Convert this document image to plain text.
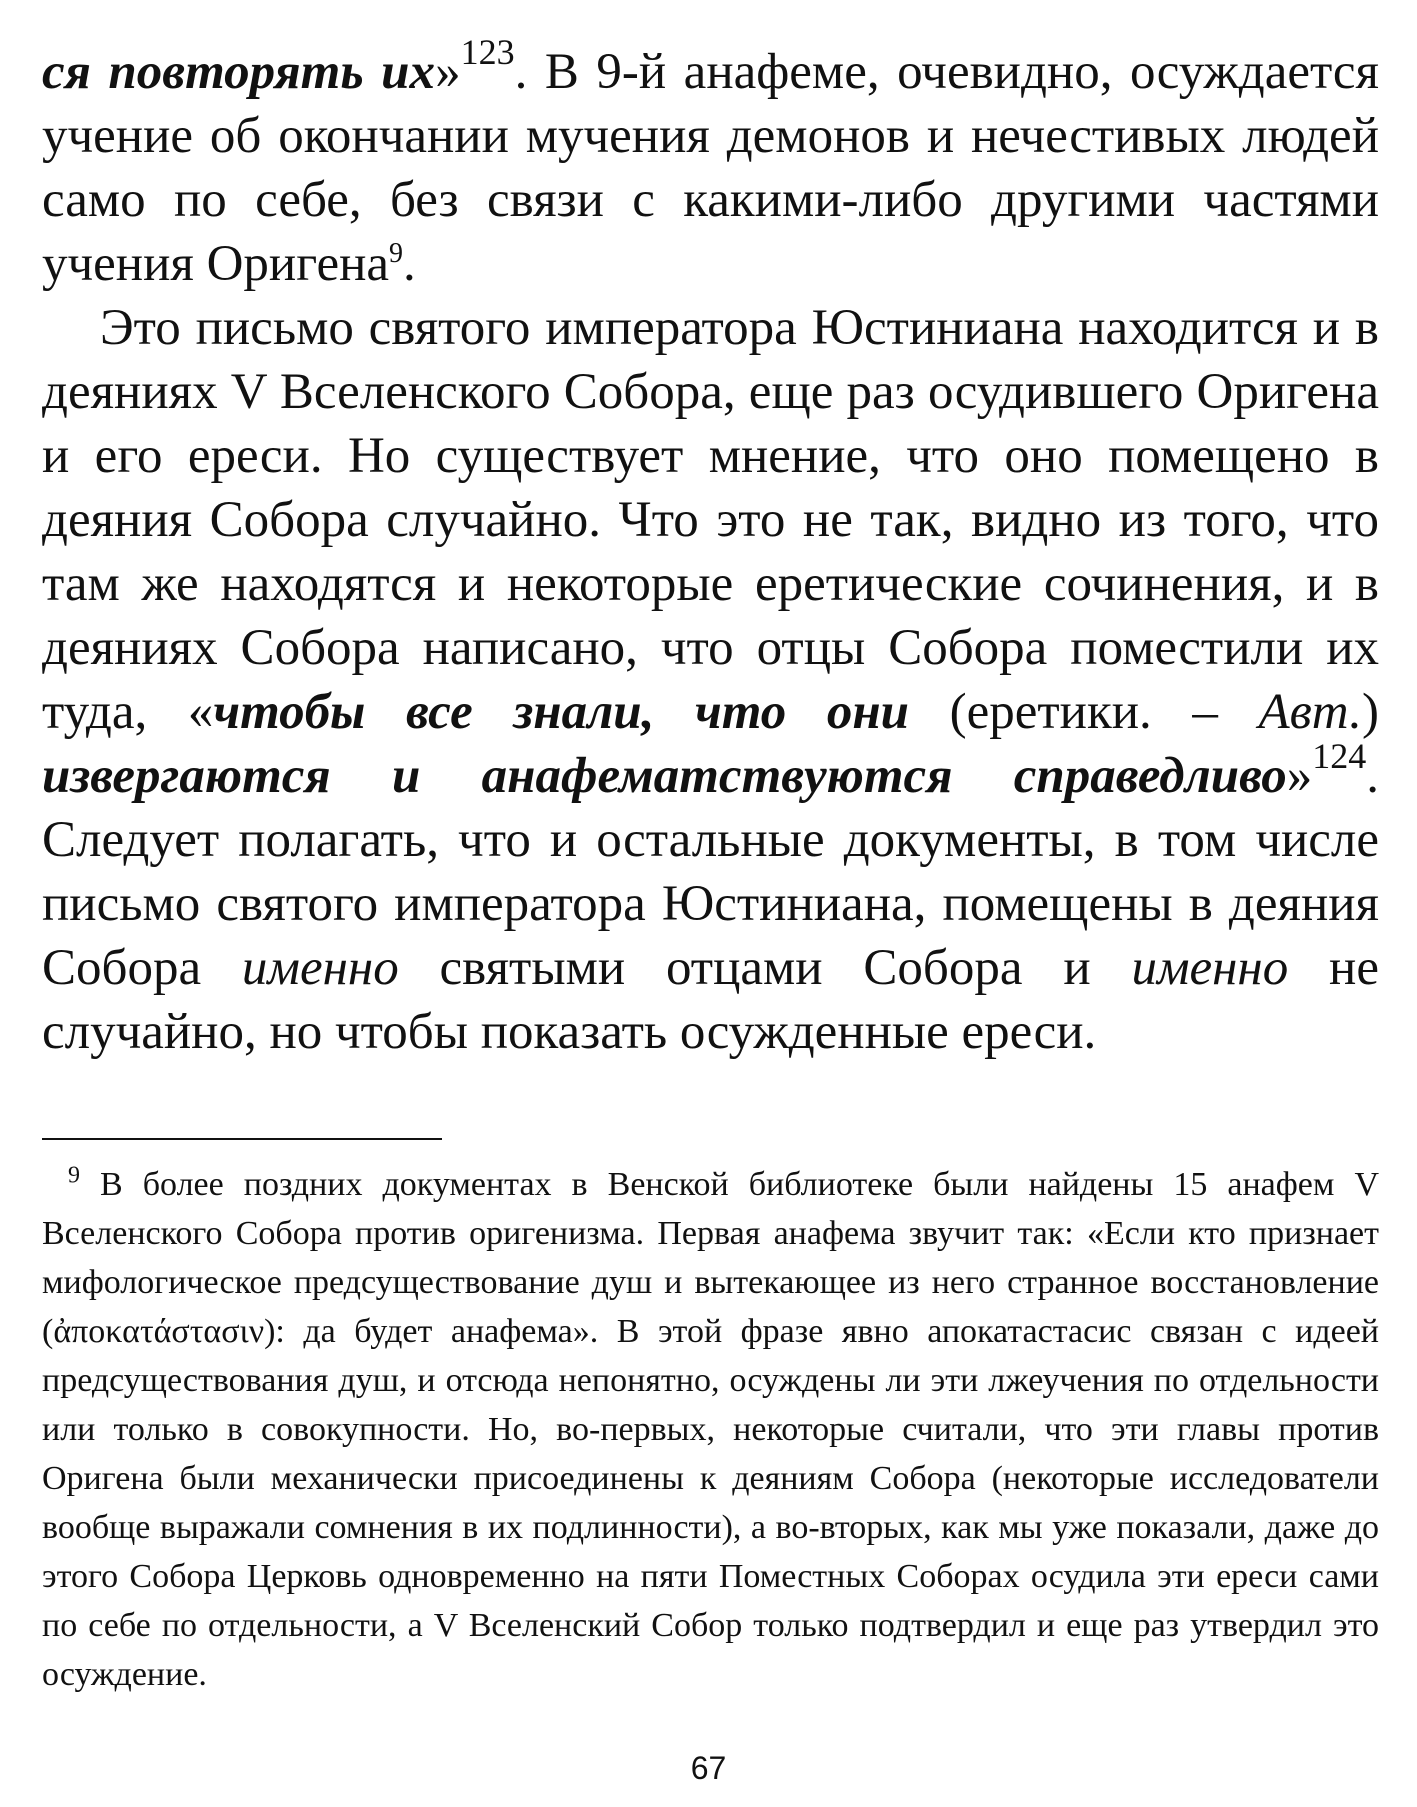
ся повторять их»$^{123}$. В 9-й анафеме, очевидно, осуждается учение об окончании мучения демонов и нечестивых людей само по себе, без связи с какими-либо другими частями учения Оригена$^9$.

Это письмо святого императора Юстиниана находится и в деяниях V Вселенского Собора, еще раз осудившего Оригена и его ереси. Но существует мнение, что оно помещено в деяния Собора случайно. Что это не так, видно из того, что там же находятся и некоторые еретические сочинения, и в деяниях Собора написано, что отцы Собора поместили их туда, «чтобы все знали, что они (еретики. – Авт.) извергаются и анафематствуются справедливо»$^{124}$. Следует полагать, что и остальные документы, в том числе письмо святого императора Юстиниана, помещены в деяния Собора именно святыми отцами Собора и именно не случайно, но чтобы показать осужденные ереси.

$^9$ В более поздних документах в Венской библиотеке были найдены 15 анафем V Вселенского Собора против оригенизма. Первая анафема звучит так: «Если кто признает мифологическое предсуществование душ и вытекающее из него странное восстановление (ἀποκατάστασιν): да будет анафема». В этой фразе явно апокатастасис связан с идеей предсуществования душ, и отсюда непонятно, осуждены ли эти лжеучения по отдельности или только в совокупности. Но, во-первых, некоторые считали, что эти главы против Оригена были механически присоединены к деяниям Собора (некоторые исследователи вообще выражали сомнения в их подлинности), а во-вторых, как мы уже показали, даже до этого Собора Церковь одновременно на пяти Поместных Соборах осудила эти ереси сами по себе по отдельности, а V Вселенский Собор только подтвердил и еще раз утвердил это осуждение.

67
